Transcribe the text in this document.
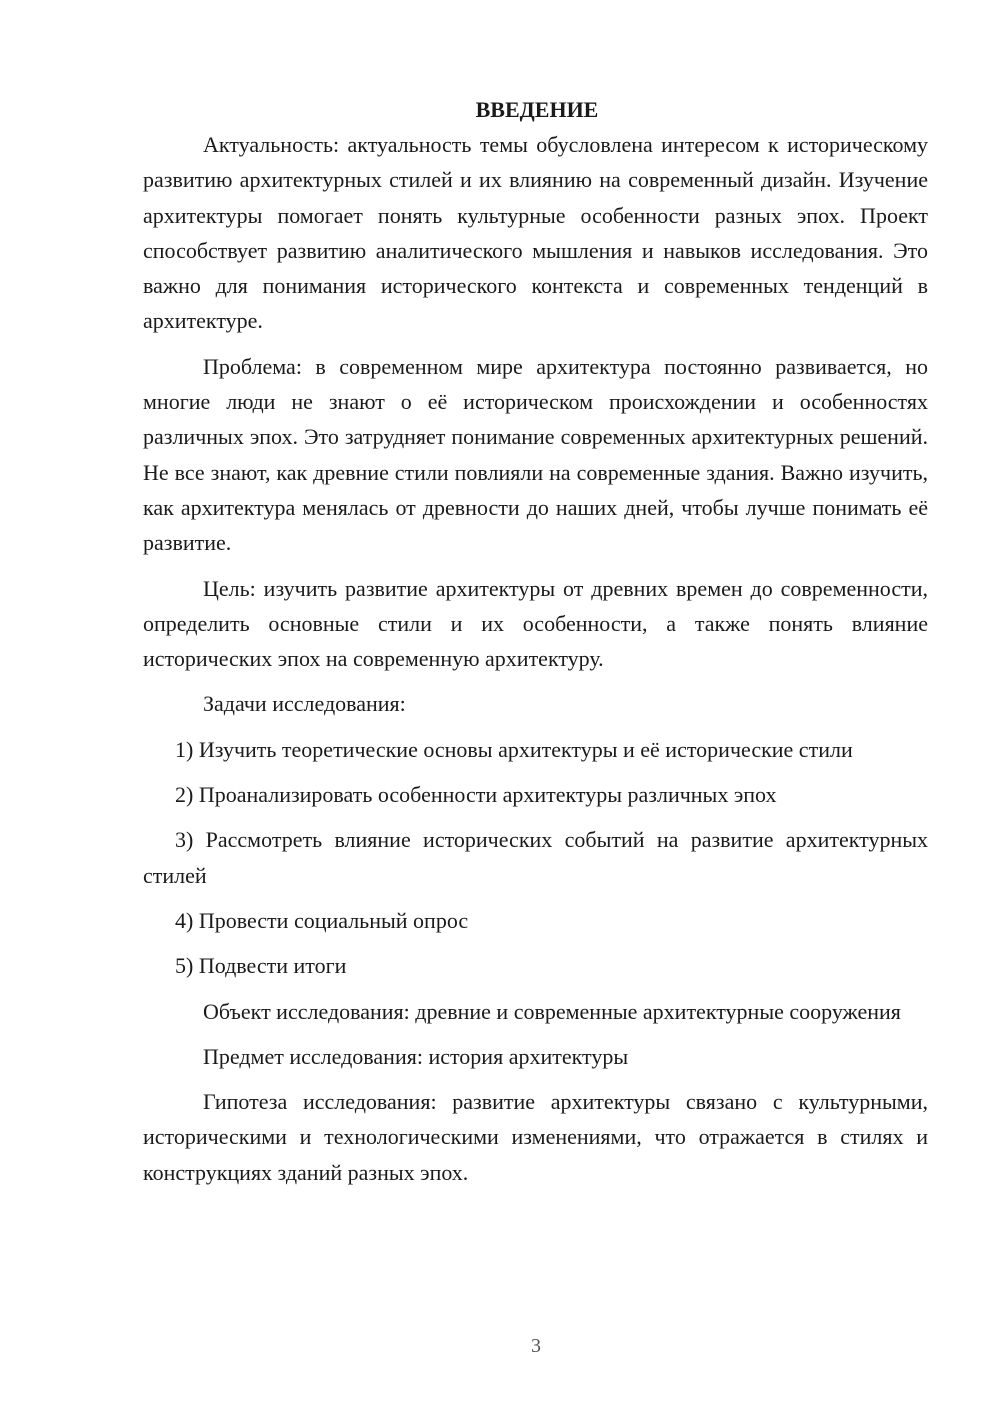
ВВЕДЕНИЕ

Актуальность: актуальность темы обусловлена интересом к историческому развитию архитектурных стилей и их влиянию на современный дизайн. Изучение архитектуры помогает понять культурные особенности разных эпох. Проект способствует развитию аналитического мышления и навыков исследования. Это важно для понимания исторического контекста и современных тенденций в архитектуре.

Проблема: в современном мире архитектура постоянно развивается, но многие люди не знают о её историческом происхождении и особенностях различных эпох. Это затрудняет понимание современных архитектурных решений. Не все знают, как древние стили повлияли на современные здания. Важно изучить, как архитектура менялась от древности до наших дней, чтобы лучше понимать её развитие.

Цель: изучить развитие архитектуры от древних времен до современности, определить основные стили и их особенности, а также понять влияние исторических эпох на современную архитектуру.

Задачи исследования:

1) Изучить теоретические основы архитектуры и её исторические стили

2) Проанализировать особенности архитектуры различных эпох

3) Рассмотреть влияние исторических событий на развитие архитектурных стилей

4) Провести социальный опрос

5) Подвести итоги

Объект исследования: древние и современные архитектурные сооружения

Предмет исследования: история архитектуры

Гипотеза исследования: развитие архитектуры связано с культурными, историческими и технологическими изменениями, что отражается в стилях и конструкциях зданий разных эпох.

3
